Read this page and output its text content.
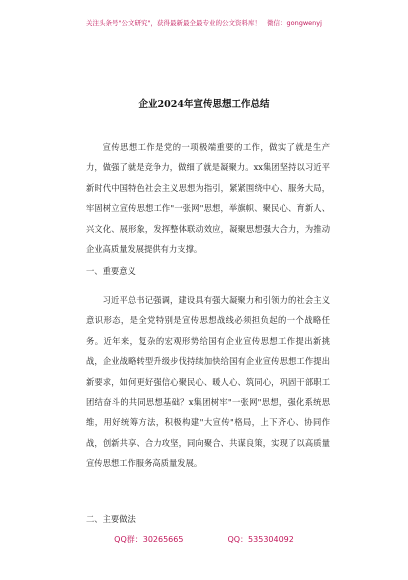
关注头条号"公文研究"，获得最新最全最专业的公文资料库！ 微信：gongwenyj
企业2024年宣传思想工作总结
宣传思想工作是党的一项极端重要的工作，做实了就是生产力，做强了就是竞争力，做细了就是凝聚力。xx集团坚持以习近平新时代中国特色社会主义思想为指引，紧紧围绕中心、服务大局，牢固树立宣传思想工作"一张网"思想，举旗帜、聚民心、育新人、兴文化、展形象，发挥整体联动效应，凝聚思想强大合力，为推动企业高质量发展提供有力支撑。
一、重要意义
习近平总书记强调，建设具有强大凝聚力和引领力的社会主义意识形态，是全党特别是宣传思想战线必须担负起的一个战略任务。近年来，复杂的宏观形势给国有企业宣传思想工作提出新挑战，企业战略转型升级步伐持续加快给国有企业宣传思想工作提出新要求，如何更好强信心聚民心、暖人心、筑同心，巩固干部职工团结奋斗的共同思想基础？x集团树牢"一张网"思想，强化系统思维，用好统筹方法，积极构建"大宣传"格局，上下齐心、协同作战，创新共享、合力攻坚，同向聚合、共谋良策，实现了以高质量宣传思想工作服务高质量发展。
二、主要做法
QQ群：30265665	QQ：535304092
